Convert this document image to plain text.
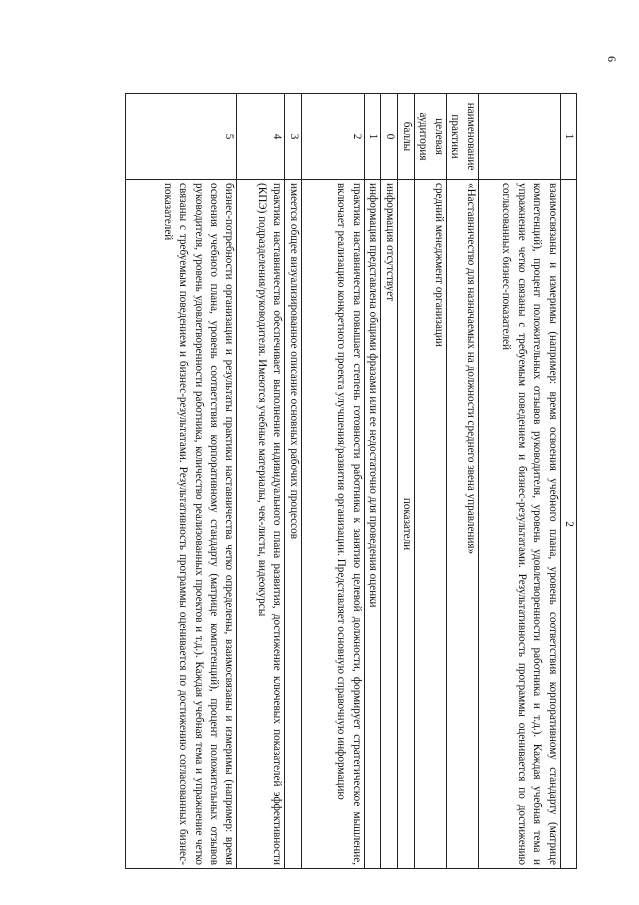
6
1	2
	взаимосвязаны и измеримы (например: время освоения учебного плана, уровень соответствия корпоративному стандарту (матрице компетенций), процент положительных отзывов руководителя, уровень удовлетворенности работника и т.д.). Каждая учебная тема и упражнение четко связаны с требуемым поведением и бизнес-результатами. Результативность программы оценивается по достижению согласованных бизнес-показателей
наименование практики	«Наставничество для назначаемых на должности среднего звена управления»
целевая аудитория	средний менеджмент организации
баллы	показатели
0	информация отсутствует
1	информация представлена общими фразами или ее недостаточно для проведения оценки
2	практика наставничества повышает степень готовности работника к занятию целевой должности, формирует стратегическое мышление, включает реализацию конкретного проекта улучшения/развития организации. Представляет основную справочную информацию
3	имеется общее визуализированное описание основных рабочих процессов
4	практика наставничества обеспечивает выполнение индивидуального плана развития, достижение ключевых показателей эффективности (КПЭ) подразделения/руководителя. Имеются учебные материалы, чек-листы, видеокурсы
5	бизнес-потребности организации и результаты практики наставничества четко определены, взаимосвязаны и измеримы (например: время освоения учебного плана, уровень соответствия корпоративному стандарту (матрице компетенций), процент положительных отзывов руководителя, уровень удовлетворенности работника, количество реализованных проектов и т.д.). Каждая учебная тема и упражнение четко связаны с требуемым поведением и бизнес-результатами. Результативность программы оценивается по достижению согласованных бизнес-показателей
